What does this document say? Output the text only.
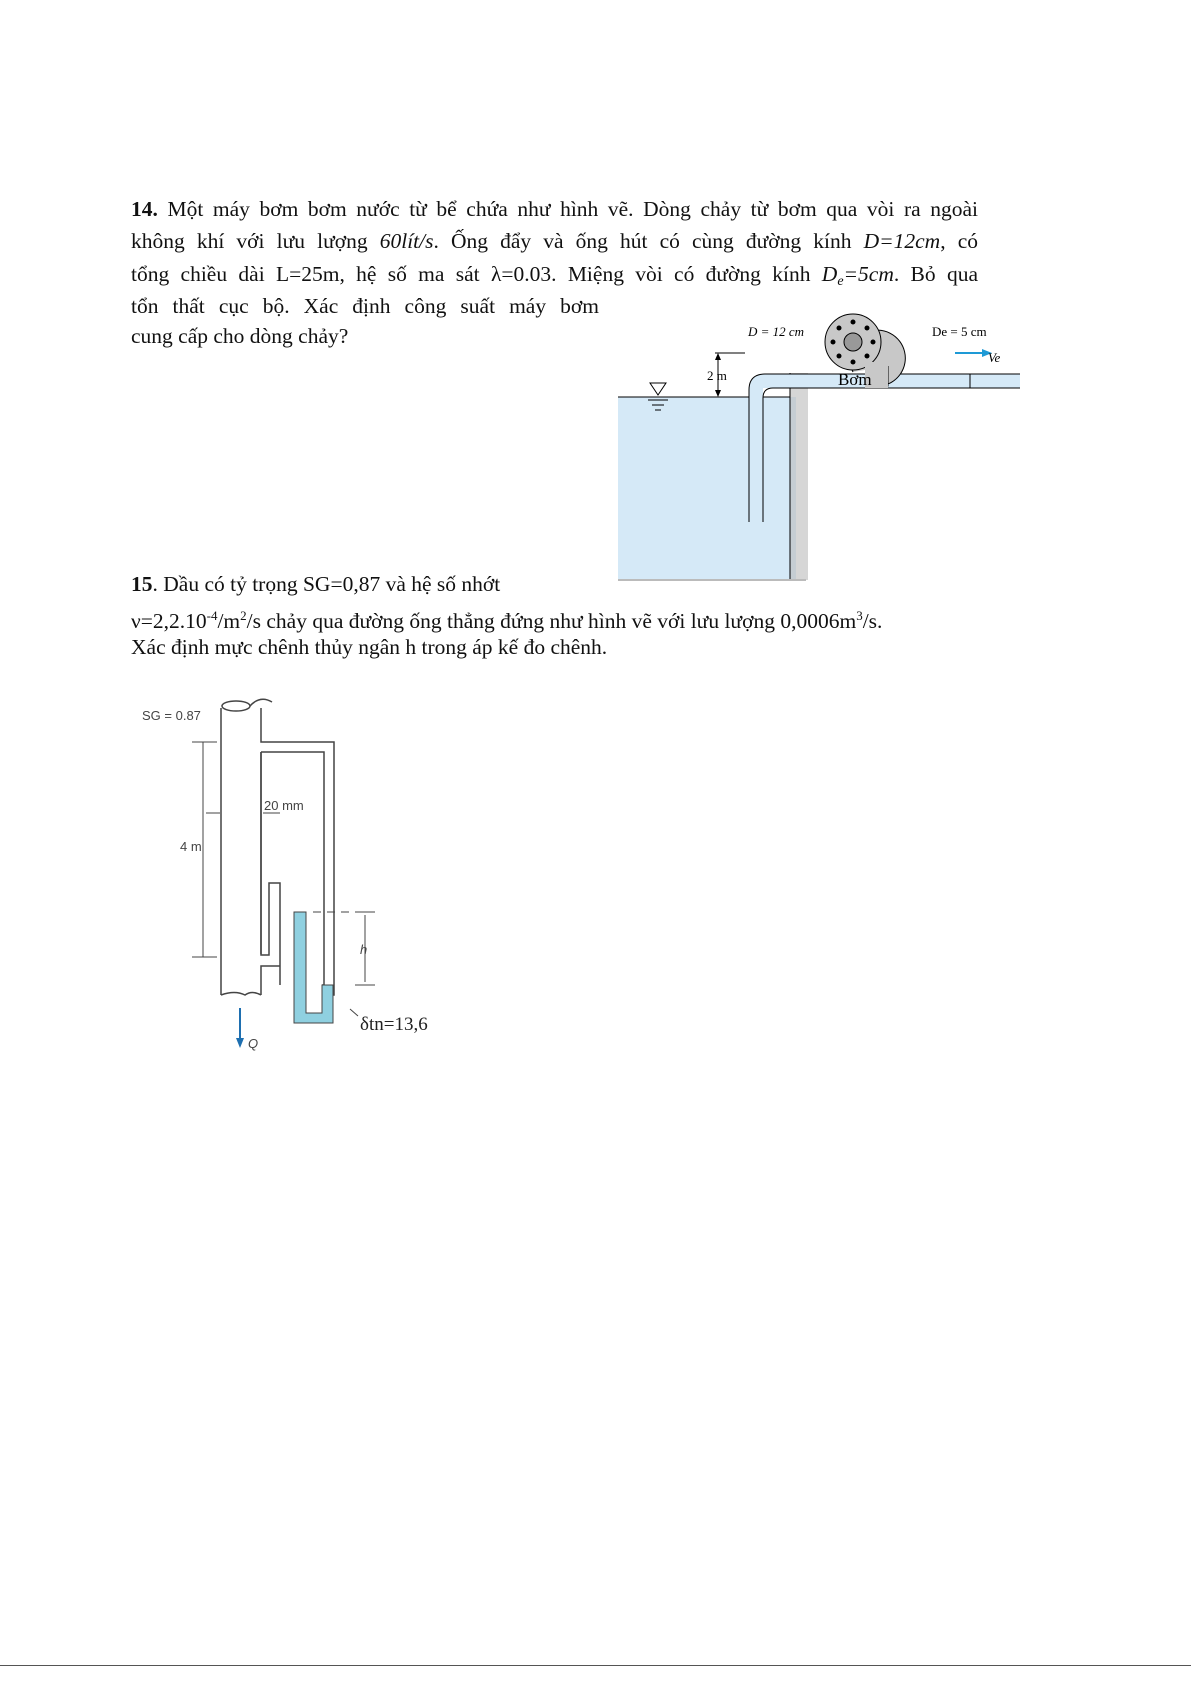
14. Một máy bơm bơm nước từ bể chứa như hình vẽ. Dòng chảy từ bơm qua vòi ra ngoài
không khí với lưu lượng 60lít/s. Ống đẩy và ống hút có cùng đường kính D=12cm, có
tổng chiều dài L=25m, hệ số ma sát λ=0.03. Miệng vòi có đường kính De=5cm. Bỏ qua
tổn thất cục bộ. Xác định công suất máy bơm
cung cấp cho dòng chảy?	D = 12 cm	De = 5 cm
Ve
2 m	Bơm
15. Dầu có tỷ trọng SG=0,87 và hệ số nhớt
$\nu=2,2.10^{-4}/m^2/s$ chảy qua đường ống thẳng đứng như hình vẽ với lưu lượng $0,0006m^3/s$.
Xác định mực chênh thủy ngân h trong áp kế đo chênh.
SG = 0.87
4 m
20 mm
h
Q
δtn=13,6
